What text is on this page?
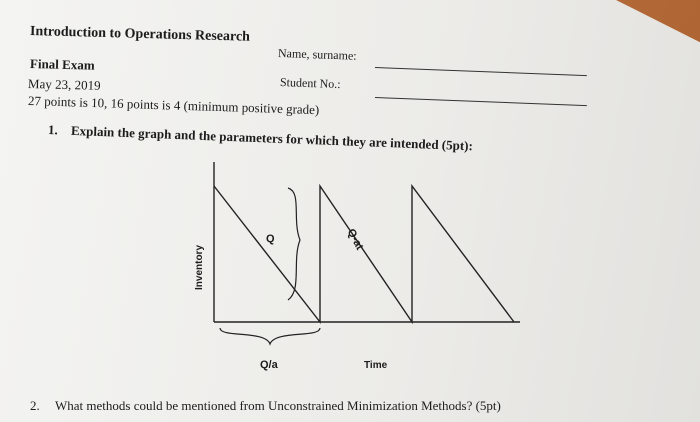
Introduction to Operations Research
Final Exam
May 23, 2019
27 points is 10, 16 points is 4 (minimum positive grade)
Name, surname:
Student No.:
1. Explain the graph and the parameters for which they are intended (5pt):
Q	Q-at
Inventory
Q/a	Time
2. What methods could be mentioned from Unconstrained Minimization Methods? (5pt)
